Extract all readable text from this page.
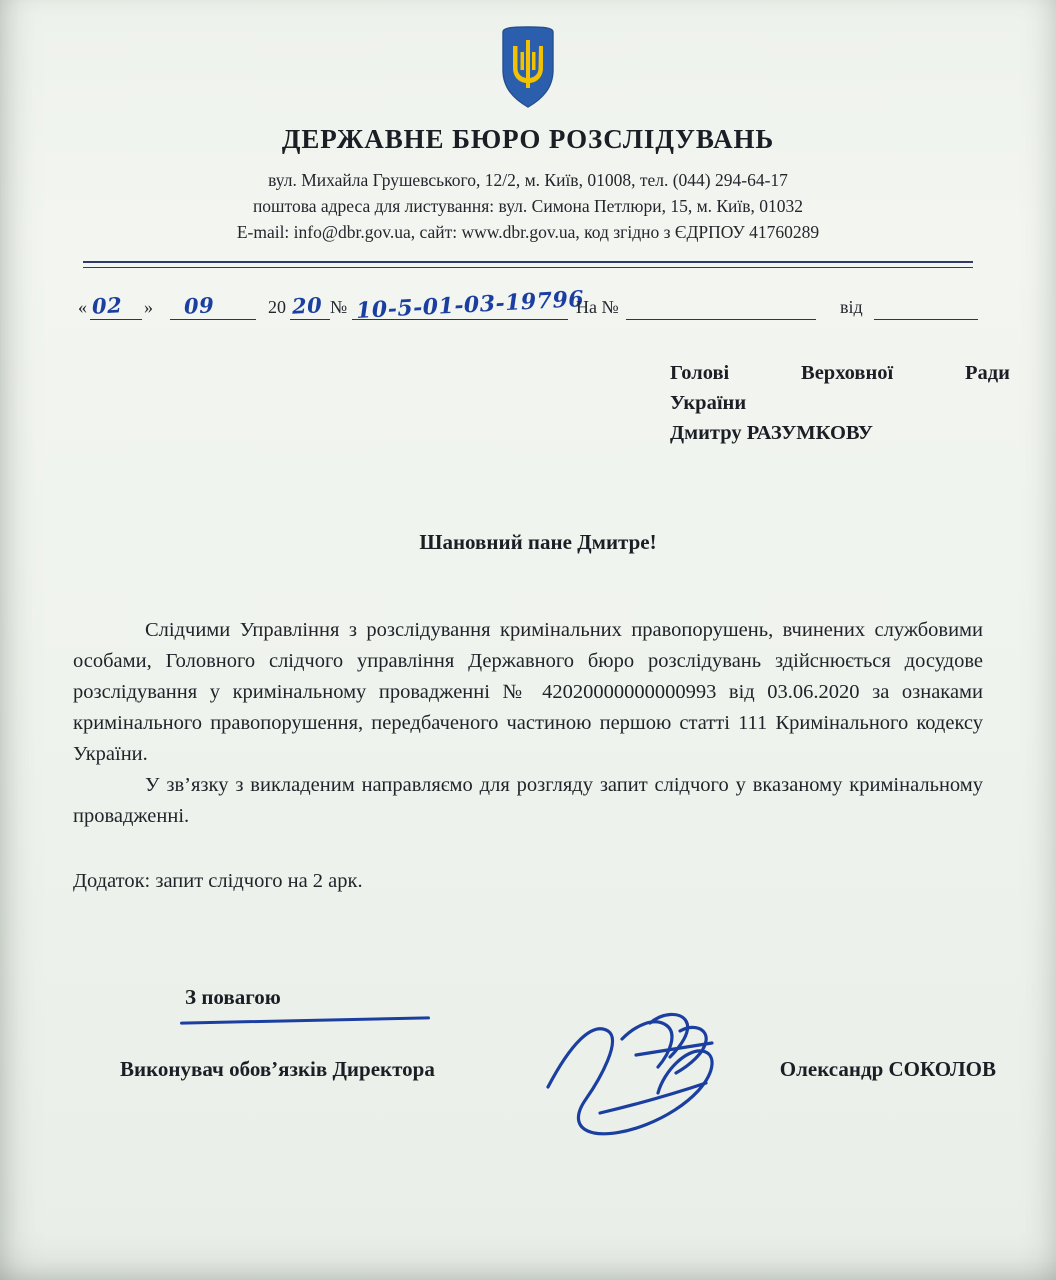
ДЕРЖАВНЕ БЮРО РОЗСЛІДУВАНЬ
вул. Михайла Грушевського, 12/2, м. Київ, 01008, тел. (044) 294-64-17
поштова адреса для листування: вул. Симона Петлюри, 15, м. Київ, 01032
E-mail: info@dbr.gov.ua, сайт: www.dbr.gov.ua, код згідно з ЄДРПОУ 41760289
« 02 » 09	20 20 № 10-5-01-03-19796
На №	від
Голові	Верховної	Ради
України
Дмитру РАЗУМКОВУ
Шановний пане Дмитре!

Слідчими Управління з розслідування кримінальних правопорушень, вчинених службовими особами, Головного слідчого управління Державного бюро розслідувань здійснюється досудове розслідування у кримінальному провадженні № 42020000000000993 від 03.06.2020 за ознаками кримінального правопорушення, передбаченого частиною першою статті 111 Кримінального кодексу України.

У зв’язку з викладеним направляємо для розгляду запит слідчого у вказаному кримінальному провадженні.

Додаток: запит слідчого на 2 арк.
З повагою
Виконувач обов’язків Директора	Олександр СОКОЛОВ
